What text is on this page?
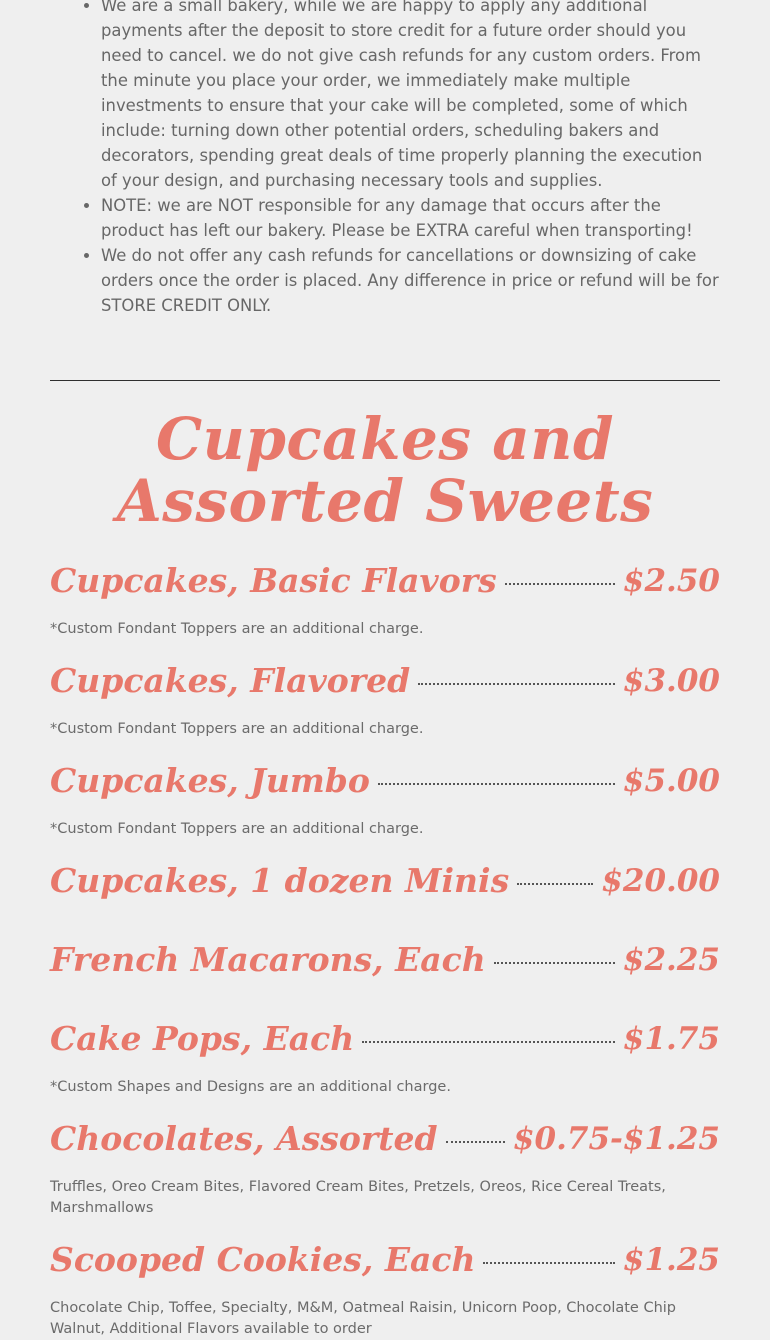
• We are a small bakery, while we are happy to apply any additional payments after the deposit to store credit for a future order should you need to cancel. we do not give cash refunds for any custom orders. From the minute you place your order, we immediately make multiple investments to ensure that your cake will be completed, some of which include: turning down other potential orders, scheduling bakers and decorators, spending great deals of time properly planning the execution of your design, and purchasing necessary tools and supplies.
• NOTE: we are NOT responsible for any damage that occurs after the product has left our bakery. Please be EXTRA careful when transporting!
• We do not offer any cash refunds for cancellations or downsizing of cake orders once the order is placed. Any difference in price or refund will be for STORE CREDIT ONLY.
Cupcakes and Assorted Sweets
Cupcakes, Basic Flavors	$2.50

*Custom Fondant Toppers are an additional charge.

Cupcakes, Flavored	$3.00

*Custom Fondant Toppers are an additional charge.

Cupcakes, Jumbo	$5.00

*Custom Fondant Toppers are an additional charge.

Cupcakes, 1 dozen Minis	$20.00
French Macarons, Each	$2.25
Cake Pops, Each	$1.75

*Custom Shapes and Designs are an additional charge.

Chocolates, Assorted $0.75-$1.25

Truffles, Oreo Cream Bites, Flavored Cream Bites, Pretzels, Oreos, Rice Cereal Treats, Marshmallows

Scooped Cookies, Each	$1.25

Chocolate Chip, Toffee, Specialty, M&M, Oatmeal Raisin, Unicorn Poop, Chocolate Chip Walnut, Additional Flavors available to order
